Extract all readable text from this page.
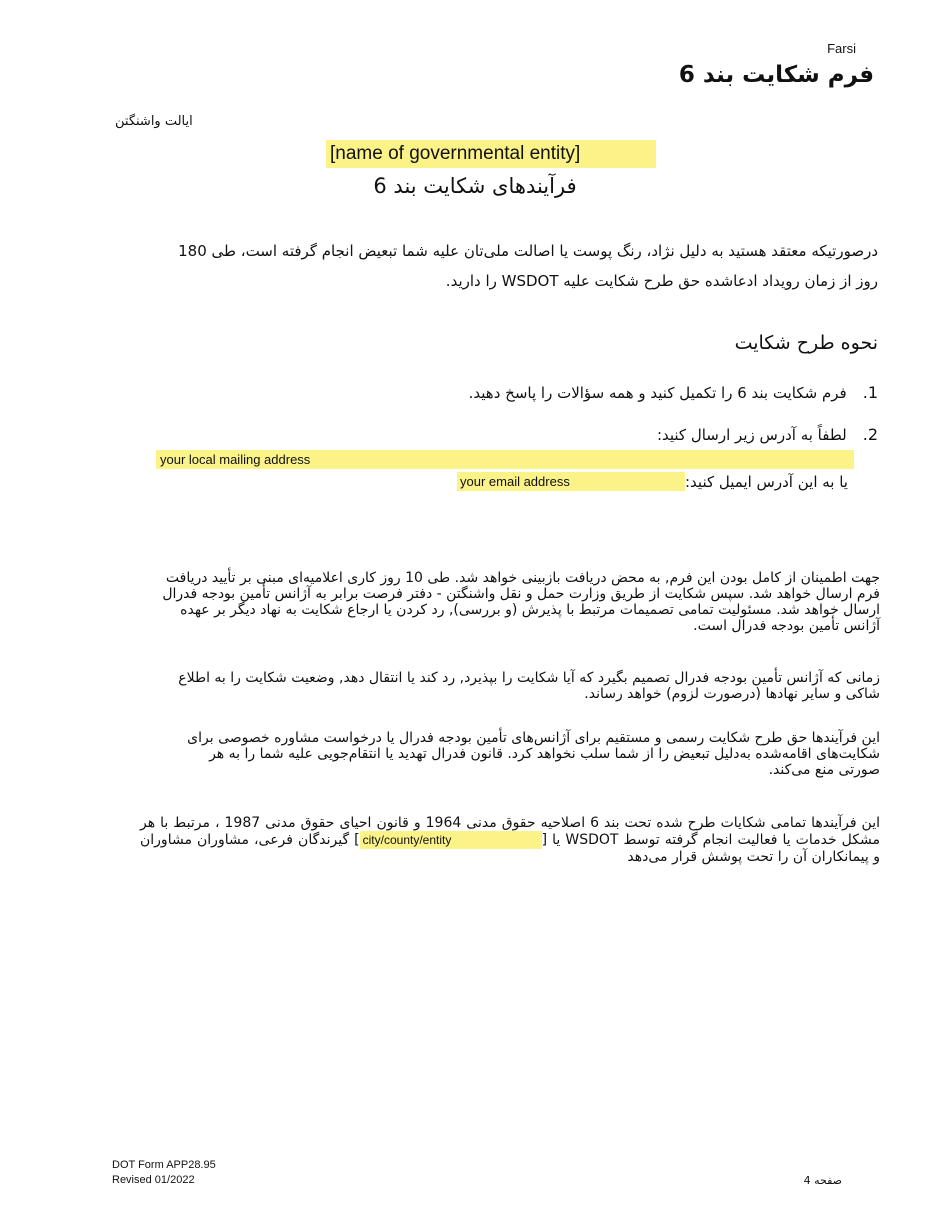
Farsi
فرم شکایت بند 6
ایالت واشنگتن
[name of governmental entity]
فرآیندهای شکایت بند 6
درصورتیکه معتقد هستید به دلیل نژاد، رنگ پوست یا اصالت ملی‌تان علیه شما تبعیض انجام گرفته است، طی 180 روز از زمان رویداد ادعاشده حق طرح شکایت علیه WSDOT را دارید.
نحوه طرح شکایت
1.فرم شکایت بند 6 را تکمیل کنید و همه سؤالات را پاسخ دهید.
2.لطفاً به آدرس زیر ارسال کنید:
your local mailing address
یا به این آدرس ایمیل کنید:
your email address
جهت اطمینان از کامل بودن این فرم, به محض دریافت بازبینی خواهد شد. طی 10 روز کاری اعلامیه‌ای مبنی بر تأیید دریافت فرم ارسال خواهد شد. سپس شکایت از طریق وزارت حمل و نقل واشنگتن - دفتر فرصت برابر به آژانس تأمین بودجه فدرال ارسال خواهد شد. مسئولیت تمامی تصمیمات مرتبط با پذیرش (و بررسی), رد کردن یا ارجاع شکایت به نهاد دیگر بر عهده آژانس تأمین بودجه فدرال است.
زمانی که آژانس تأمین بودجه فدرال تصمیم بگیرد که آیا شکایت را بپذیرد, رد کند یا انتقال دهد, وضعیت شکایت را به اطلاع شاکی و سایر نهادها (درصورت لزوم) خواهد رساند.
این فرآیندها حق طرح شکایت رسمی و مستقیم برای آژانس‌های تأمین بودجه فدرال یا درخواست مشاوره خصوصی برای شکایت‌های اقامه‌شده به‌دلیل تبعیض را از شما سلب نخواهد کرد. قانون فدرال تهدید یا انتقام‌جویی علیه شما را به هر صورتی منع می‌کند.
این فرآیندها تمامی شکایات طرح شده تحت بند 6 اصلاحیه حقوق مدنی 1964 و قانون احیای حقوق مدنی 1987 ، مرتبط با هر مشکل خدمات یا فعالیت انجام گرفته توسط WSDOT یا [city/county/entity] گیرندگان فرعی، مشاوران مشاوران و پیمانکاران آن را تحت پوشش قرار می‌دهد
DOT Form APP28.95
Revised 01/2022	صفحه 4
